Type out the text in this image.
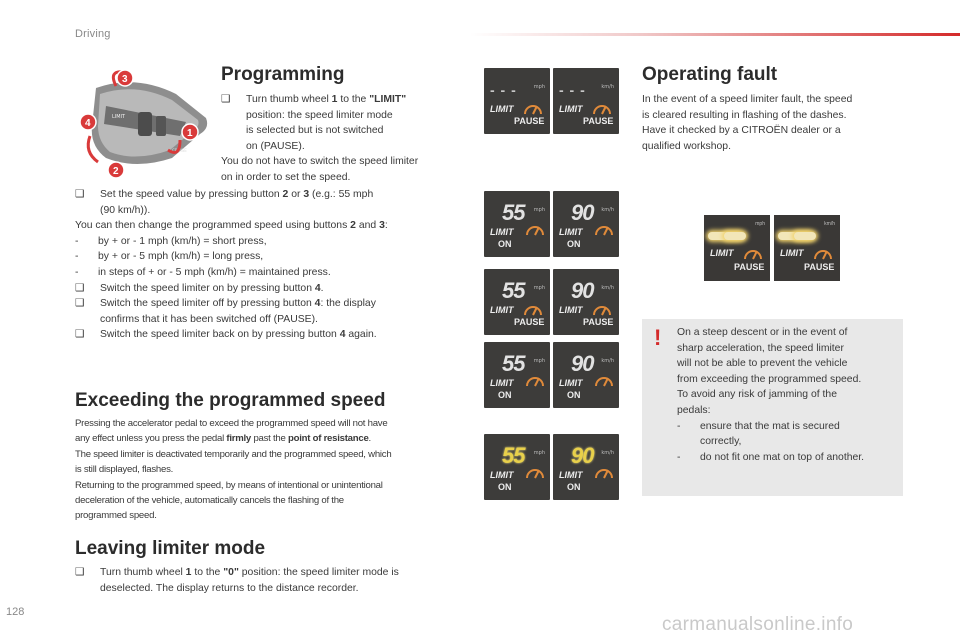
Driving
LIMIT
CRUISE
3
4
1
2
Programming
❑ Turn thumb wheel 1 to the "LIMIT"

position: the speed limiter mode

is selected but is not switched

on (PAUSE).

You do not have to switch the speed limiter

on in order to set the speed.

❑ Set the speed value by pressing button 2 or 3 (e.g.: 55 mph

(90 km/h)).

You can then change the programmed speed using buttons 2 and 3:

- by + or - 1 mph (km/h) = short press,

- by + or - 5 mph (km/h) = long press,

- in steps of + or - 5 mph (km/h) = maintained press.

❑ Switch the speed limiter on by pressing button 4.

❑ Switch the speed limiter off by pressing button 4: the display

confirms that it has been switched off (PAUSE).

❑ Switch the speed limiter back on by pressing button 4 again.

Exceeding the programmed speed

Pressing the accelerator pedal to exceed the programmed speed will not have

any effect unless you press the pedal firmly past the point of resistance.

The speed limiter is deactivated temporarily and the programmed speed, which

is still displayed, flashes.

Returning to the programmed speed, by means of intentional or unintentional

deceleration of the vehicle, automatically cancels the flashing of the

programmed speed.

Leaving limiter mode
❑ Turn thumb wheel 1 to the "0" position: the speed limiter mode is

deselected. The display returns to the distance recorder.

- - -	mph
LIMIT
PAUSE
- - -	km/h
LIMIT
PAUSE
55 mph
LIMIT
ON
90 km/h
LIMIT
ON
55 mph
LIMIT
PAUSE
90 km/h
LIMIT
PAUSE
55 mph
LIMIT
ON
90 km/h
LIMIT
ON
55 mph
LIMIT
ON
90 km/h
LIMIT
ON
Operating fault

In the event of a speed limiter fault, the speed

is cleared resulting in flashing of the dashes.

Have it checked by a CITROËN dealer or a

qualified workshop.

mph
LIMIT
PAUSE
km/h
LIMIT
PAUSE
! On a steep descent or in the event of

sharp acceleration, the speed limiter

will not be able to prevent the vehicle

from exceeding the programmed speed.

To avoid any risk of jamming of the

pedals:

- ensure that the mat is secured

correctly,

- do not fit one mat on top of another.

128
carmanualsonline.info
